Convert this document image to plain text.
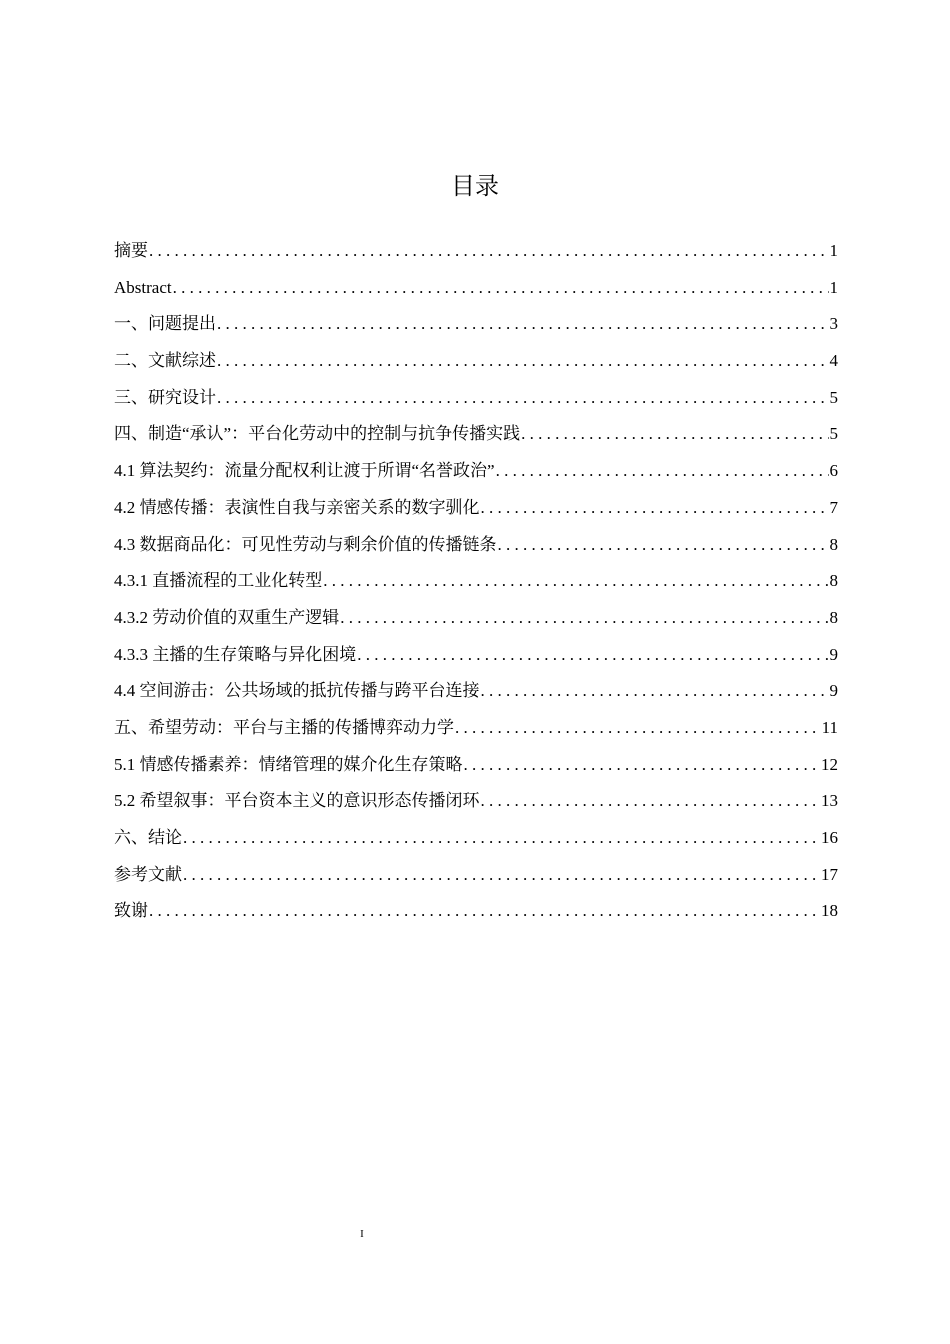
目录
摘要 . . .	1
Abstract . . .	1
一、问题提出 . . .	3
二、文献综述 . . .	4
三、研究设计 . . .	5
四、制造“承认”：平台化劳动中的控制与抗争传播实践 . . .	5
4.1 算法契约：流量分配权利让渡于所谓“名誉政治” . . .	6
4.2 情感传播：表演性自我与亲密关系的数字驯化 . . .	7
4.3 数据商品化：可见性劳动与剩余价值的传播链条 . . .	8
4.3.1 直播流程的工业化转型 . . .	8
4.3.2 劳动价值的双重生产逻辑 . . .	8
4.3.3 主播的生存策略与异化困境 . . .	9
4.4 空间游击：公共场域的抵抗传播与跨平台连接 . . .	9
五、希望劳动：平台与主播的传播博弈动力学 . . .	11
5.1 情感传播素养：情绪管理的媒介化生存策略 . . .	12
5.2 希望叙事：平台资本主义的意识形态传播闭环 . . .	13
六、结论 . . .	16
参考文献 . . .	17
致谢 . . .	18
I
